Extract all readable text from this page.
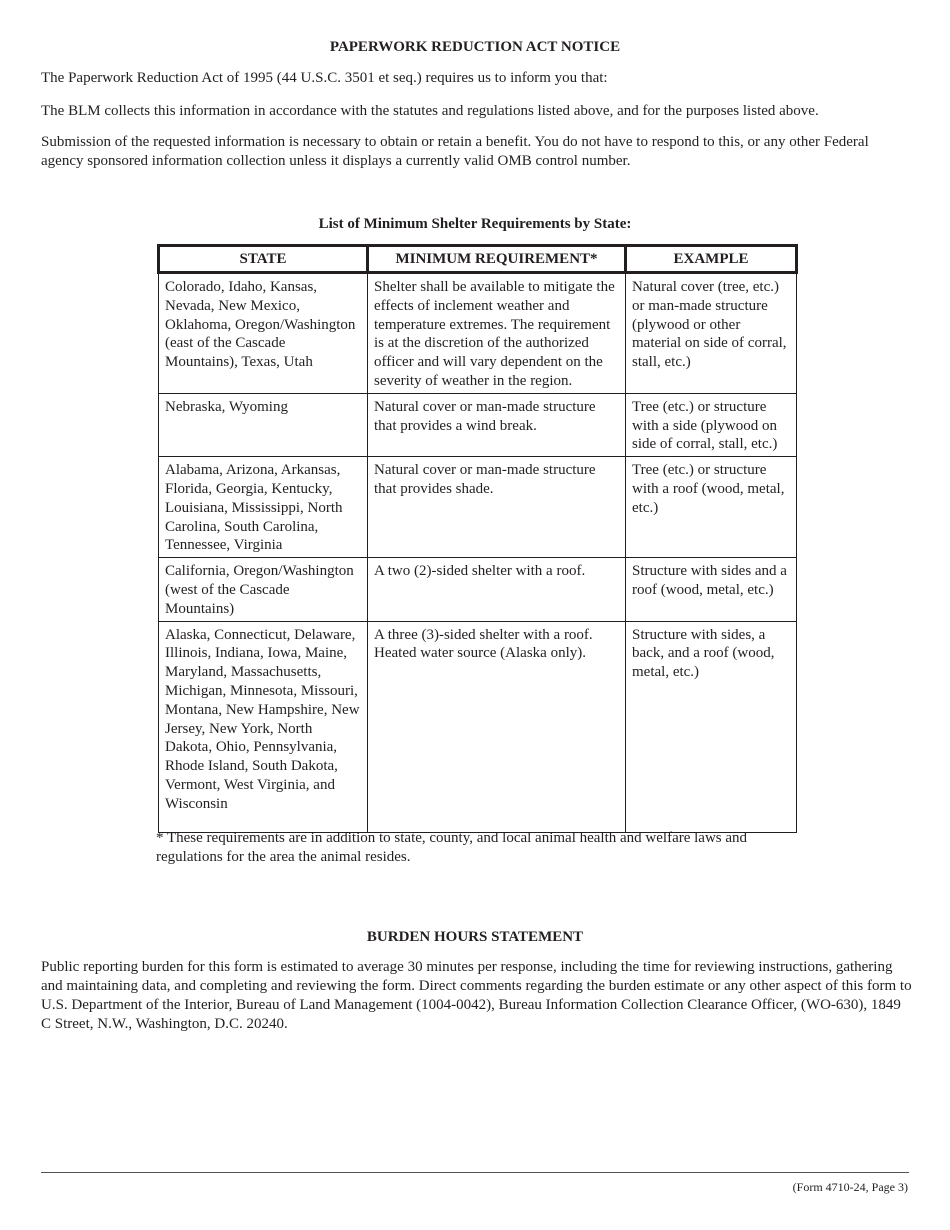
PAPERWORK REDUCTION ACT NOTICE

The Paperwork Reduction Act of 1995 (44 U.S.C. 3501 et seq.) requires us to inform you that:

The BLM collects this information in accordance with the statutes and regulations listed above, and for the purposes listed above.

Submission of the requested information is necessary to obtain or retain a benefit. You do not have to respond to this, or any other Federal agency sponsored information collection unless it displays a currently valid OMB control number.

List of Minimum Shelter Requirements by State:
STATE	MINIMUM REQUIREMENT*	EXAMPLE
Colorado, Idaho, Kansas, Nevada, New Mexico, Oklahoma, Oregon/Washington (east of the Cascade Mountains), Texas, Utah	Shelter shall be available to mitigate the effects of inclement weather and temperature extremes. The requirement is at the discretion of the authorized officer and will vary dependent on the severity of weather in the region.	Natural cover (tree, etc.) or man-made structure (plywood or other material on side of corral, stall, etc.)
Nebraska, Wyoming	Natural cover or man-made structure that provides a wind break.	Tree (etc.) or structure with a side (plywood on side of corral, stall, etc.)
Alabama, Arizona, Arkansas, Florida, Georgia, Kentucky, Louisiana, Mississippi, North Carolina, South Carolina, Tennessee, Virginia	Natural cover or man-made structure that provides shade.	Tree (etc.) or structure with a roof (wood, metal, etc.)
California, Oregon/Washington (west of the Cascade Mountains)	A two (2)-sided shelter with a roof.	Structure with sides and a roof (wood, metal, etc.)
Alaska, Connecticut, Delaware, Illinois, Indiana, Iowa, Maine, Maryland, Massachusetts, Michigan, Minnesota, Missouri, Montana, New Hampshire, New Jersey, New York, North Dakota, Ohio, Pennsylvania, Rhode Island, South Dakota, Vermont, West Virginia, and Wisconsin	A three (3)-sided shelter with a roof. Heated water source (Alaska only).	Structure with sides, a back, and a roof (wood, metal, etc.)

* These requirements are in addition to state, county, and local animal health and welfare laws and regulations for the area the animal resides.

BURDEN HOURS STATEMENT

Public reporting burden for this form is estimated to average 30 minutes per response, including the time for reviewing instructions, gathering and maintaining data, and completing and reviewing the form. Direct comments regarding the burden estimate or any other aspect of this form to U.S. Department of the Interior, Bureau of Land Management (1004-0042), Bureau Information Collection Clearance Officer, (WO-630), 1849 C Street, N.W., Washington, D.C. 20240.

(Form 4710-24, Page 3)
